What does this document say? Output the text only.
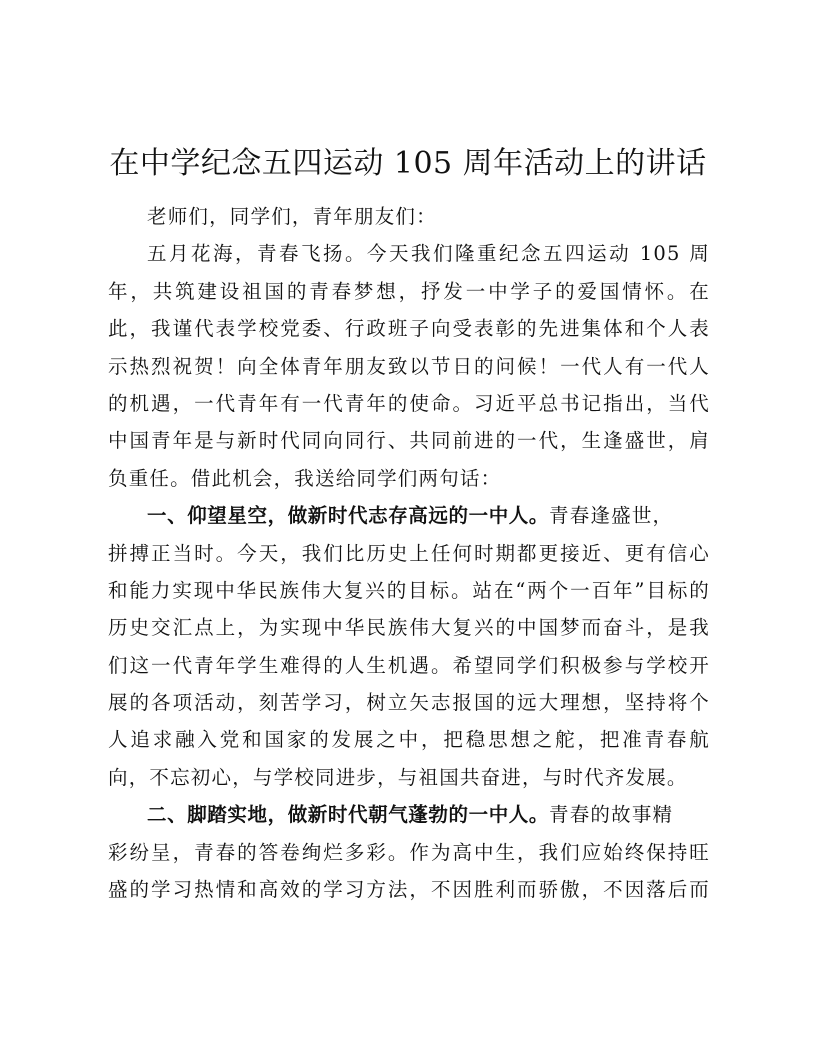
在中学纪念五四运动 105 周年活动上的讲话
老师们，同学们，青年朋友们：
五月花海，青春飞扬。今天我们隆重纪念五四运动 105 周
年，共筑建设祖国的青春梦想，抒发一中学子的爱国情怀。在
此，我谨代表学校党委、行政班子向受表彰的先进集体和个人表
示热烈祝贺！向全体青年朋友致以节日的问候！一代人有一代人
的机遇，一代青年有一代青年的使命。习近平总书记指出，当代
中国青年是与新时代同向同行、共同前进的一代，生逢盛世，肩
负重任。借此机会，我送给同学们两句话：
一、仰望星空，做新时代志存高远的一中人。青春逢盛世，
拼搏正当时。今天，我们比历史上任何时期都更接近、更有信心
和能力实现中华民族伟大复兴的目标。站在“两个一百年”目标的
历史交汇点上，为实现中华民族伟大复兴的中国梦而奋斗，是我
们这一代青年学生难得的人生机遇。希望同学们积极参与学校开
展的各项活动，刻苦学习，树立矢志报国的远大理想，坚持将个
人追求融入党和国家的发展之中，把稳思想之舵，把准青春航
向，不忘初心，与学校同进步，与祖国共奋进，与时代齐发展。
二、脚踏实地，做新时代朝气蓬勃的一中人。青春的故事精
彩纷呈，青春的答卷绚烂多彩。作为高中生，我们应始终保持旺
盛的学习热情和高效的学习方法，不因胜利而骄傲，不因落后而
